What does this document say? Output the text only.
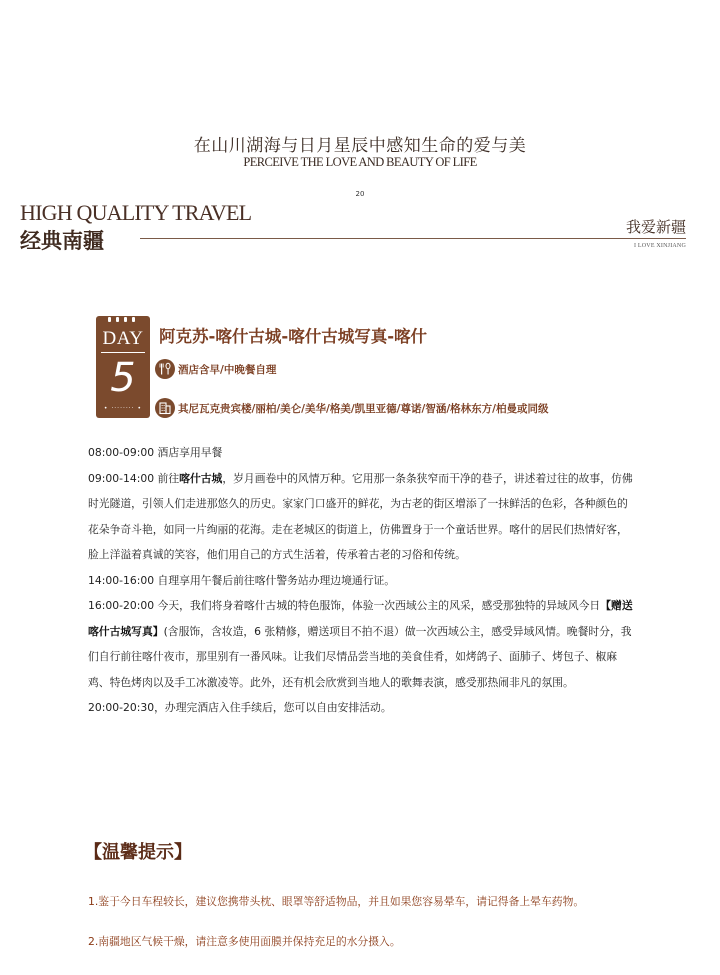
在山川湖海与日月星辰中感知生命的爱与美
PERCEIVE THE LOVE AND BEAUTY OF LIFE
20
HIGH QUALITY TRAVEL
经典南疆
我爱新疆
I LOVE XINJIANG
DAY
5
• ········ •
阿克苏-喀什古城-喀什古城写真-喀什
酒店含早/中晚餐自理
其尼瓦克贵宾楼/丽柏/美仑/美华/格美/凯里亚德/尊诺/智涵/格林东方/柏曼或同级

08:00-09:00 酒店享用早餐

09:00-14:00 前往喀什古城，岁月画卷中的风情万种。它用那一条条狭窄而干净的巷子，讲述着过往的故事，仿佛时光隧道，引领人们走进那悠久的历史。家家门口盛开的鲜花，为古老的街区增添了一抹鲜活的色彩，各种颜色的花朵争奇斗艳，如同一片绚丽的花海。走在老城区的街道上，仿佛置身于一个童话世界。喀什的居民们热情好客，脸上洋溢着真诚的笑容，他们用自己的方式生活着，传承着古老的习俗和传统。

14:00-16:00 自理享用午餐后前往喀什警务站办理边境通行证。

16:00-20:00 今天，我们将身着喀什古城的特色服饰，体验一次西域公主的风采，感受那独特的异域风今日【赠送喀什古城写真】(含服饰，含妆造，6 张精修，赠送项目不拍不退）做一次西域公主，感受异域风情。晚餐时分，我们自行前往喀什夜市，那里别有一番风味。让我们尽情品尝当地的美食佳肴，如烤鸽子、面肺子、烤包子、椒麻鸡、特色烤肉以及手工冰激凌等。此外，还有机会欣赏到当地人的歌舞表演，感受那热闹非凡的氛围。

20:00-20:30，办理完酒店入住手续后，您可以自由安排活动。

【温馨提示】
1.鉴于今日车程较长，建议您携带头枕、眼罩等舒适物品，并且如果您容易晕车，请记得备上晕车药物。
2.南疆地区气候干燥，请注意多使用面膜并保持充足的水分摄入。
